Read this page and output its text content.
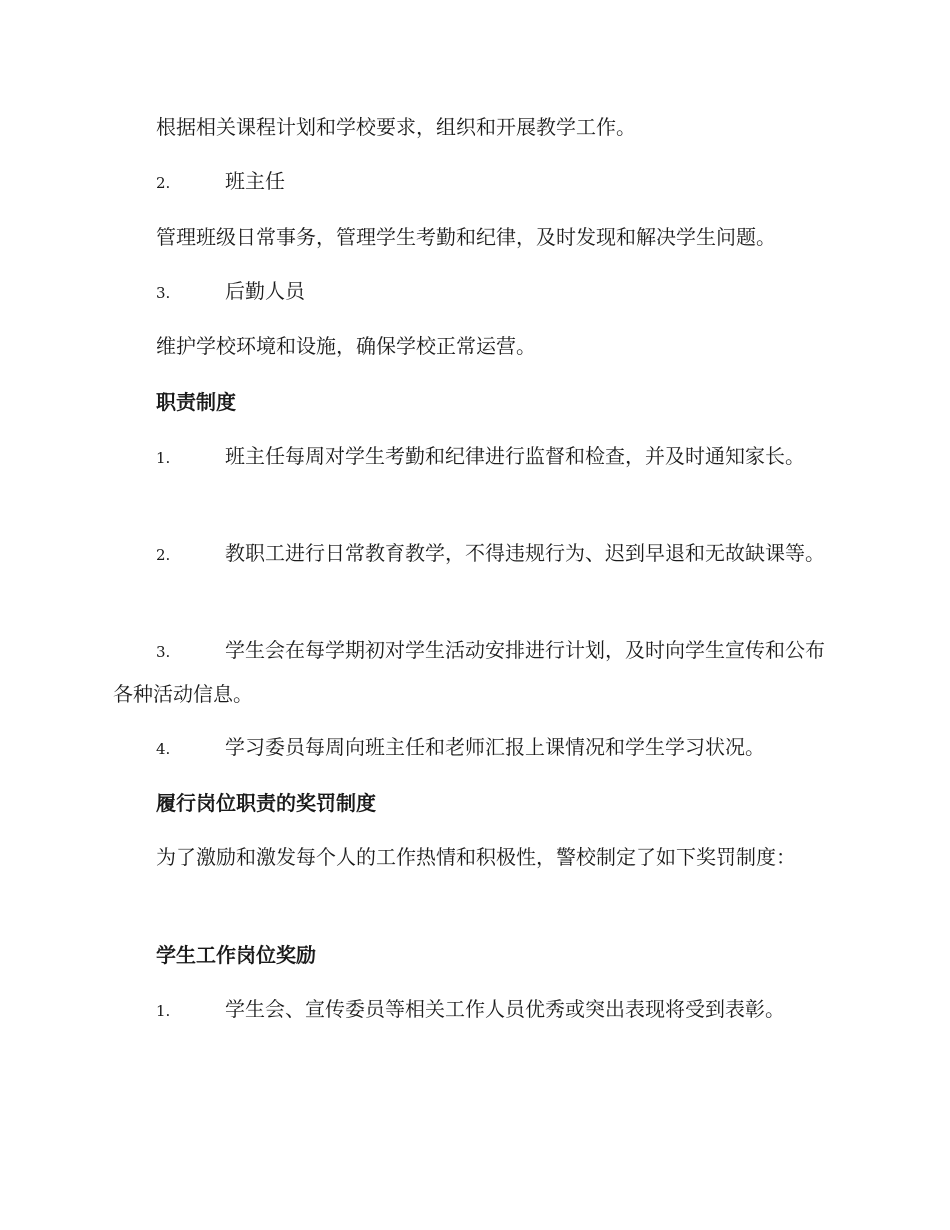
根据相关课程计划和学校要求，组织和开展教学工作。
2.	班主任
管理班级日常事务，管理学生考勤和纪律，及时发现和解决学生问题。
3.	后勤人员
维护学校环境和设施，确保学校正常运营。
职责制度
1.	班主任每周对学生考勤和纪律进行监督和检查，并及时通知家长。
2.	教职工进行日常教育教学，不得违规行为、迟到早退和无故缺课等。
3.	学生会在每学期初对学生活动安排进行计划，及时向学生宣传和公布各种活动信息。
4.	学习委员每周向班主任和老师汇报上课情况和学生学习状况。
履行岗位职责的奖罚制度
为了激励和激发每个人的工作热情和积极性，警校制定了如下奖罚制度：
学生工作岗位奖励
1.	学生会、宣传委员等相关工作人员优秀或突出表现将受到表彰。
